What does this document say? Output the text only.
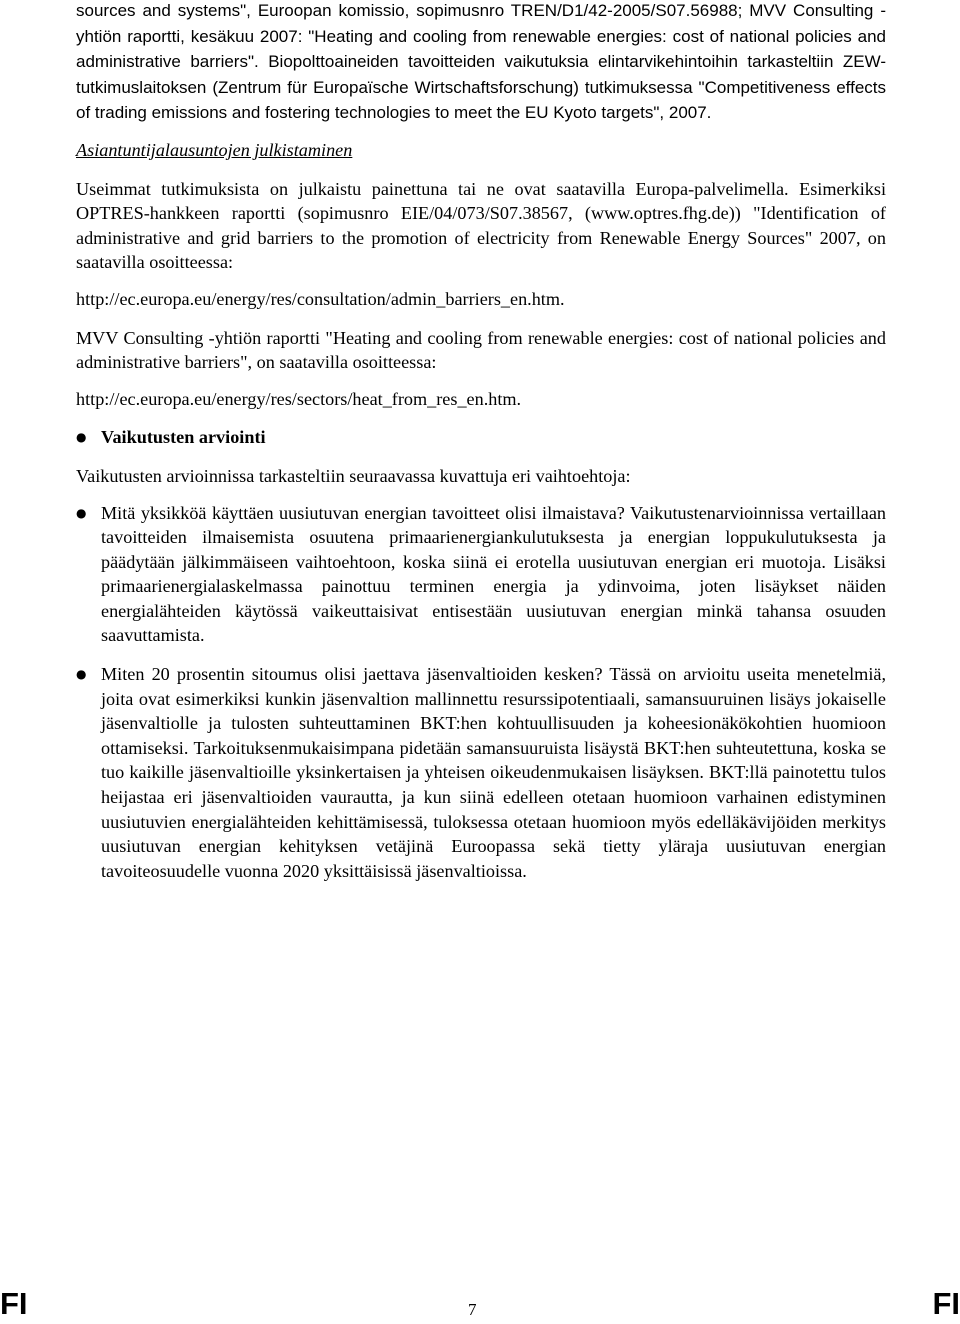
sources and systems", Euroopan komissio, sopimusnro TREN/D1/42-2005/S07.56988; MVV Consulting -yhtiön raportti, kesäkuu 2007: "Heating and cooling from renewable energies: cost of national policies and administrative barriers". Biopolttoaineiden tavoitteiden vaikutuksia elintarvikehintoihin tarkasteltiin ZEW-tutkimuslaitoksen (Zentrum für Europaïsche Wirtschaftsforschung) tutkimuksessa "Competitiveness effects of trading emissions and fostering technologies to meet the EU Kyoto targets", 2007.

Asiantuntijalausuntojen julkistaminen

Useimmat tutkimuksista on julkaistu painettuna tai ne ovat saatavilla Europa-palvelimella. Esimerkiksi OPTRES-hankkeen raportti (sopimusnro EIE/04/073/S07.38567, (www.optres.fhg.de)) "Identification of administrative and grid barriers to the promotion of electricity from Renewable Energy Sources" 2007, on saatavilla osoitteessa:

http://ec.europa.eu/energy/res/consultation/admin_barriers_en.htm.

MVV Consulting -yhtiön raportti "Heating and cooling from renewable energies: cost of national policies and administrative barriers", on saatavilla osoitteessa:

http://ec.europa.eu/energy/res/sectors/heat_from_res_en.htm.

● Vaikutusten arviointi

Vaikutusten arvioinnissa tarkasteltiin seuraavassa kuvattuja eri vaihtoehtoja:

● Mitä yksikköä käyttäen uusiutuvan energian tavoitteet olisi ilmaistava? Vaikutustenarvioinnissa vertaillaan tavoitteiden ilmaisemista osuutena primaarienergiankulutuksesta ja energian loppukulutuksesta ja päädytään jälkimmäiseen vaihtoehtoon, koska siinä ei erotella uusiutuvan energian eri muotoja. Lisäksi primaarienergialaskelmassa painottuu terminen energia ja ydinvoima, joten lisäykset näiden energialähteiden käytössä vaikeuttaisivat entisestään uusiutuvan energian minkä tahansa osuuden saavuttamista.
● Miten 20 prosentin sitoumus olisi jaettava jäsenvaltioiden kesken? Tässä on arvioitu useita menetelmiä, joita ovat esimerkiksi kunkin jäsenvaltion mallinnettu resurssipotentiaali, samansuuruinen lisäys jokaiselle jäsenvaltiolle ja tulosten suhteuttaminen BKT:hen kohtuullisuuden ja koheesionäkökohtien huomioon ottamiseksi. Tarkoituksenmukaisimpana pidetään samansuuruista lisäystä BKT:hen suhteutettuna, koska se tuo kaikille jäsenvaltioille yksinkertaisen ja yhteisen oikeudenmukaisen lisäyksen. BKT:llä painotettu tulos heijastaa eri jäsenvaltioiden vaurautta, ja kun siinä edelleen otetaan huomioon varhainen edistyminen uusiutuvien energialähteiden kehittämisessä, tuloksessa otetaan huomioon myös edelläkävijöiden merkitys uusiutuvan energian kehityksen vetäjinä Euroopassa sekä tietty yläraja uusiutuvan energian tavoiteosuudelle vuonna 2020 yksittäisissä jäsenvaltioissa.
FI	7	FI
